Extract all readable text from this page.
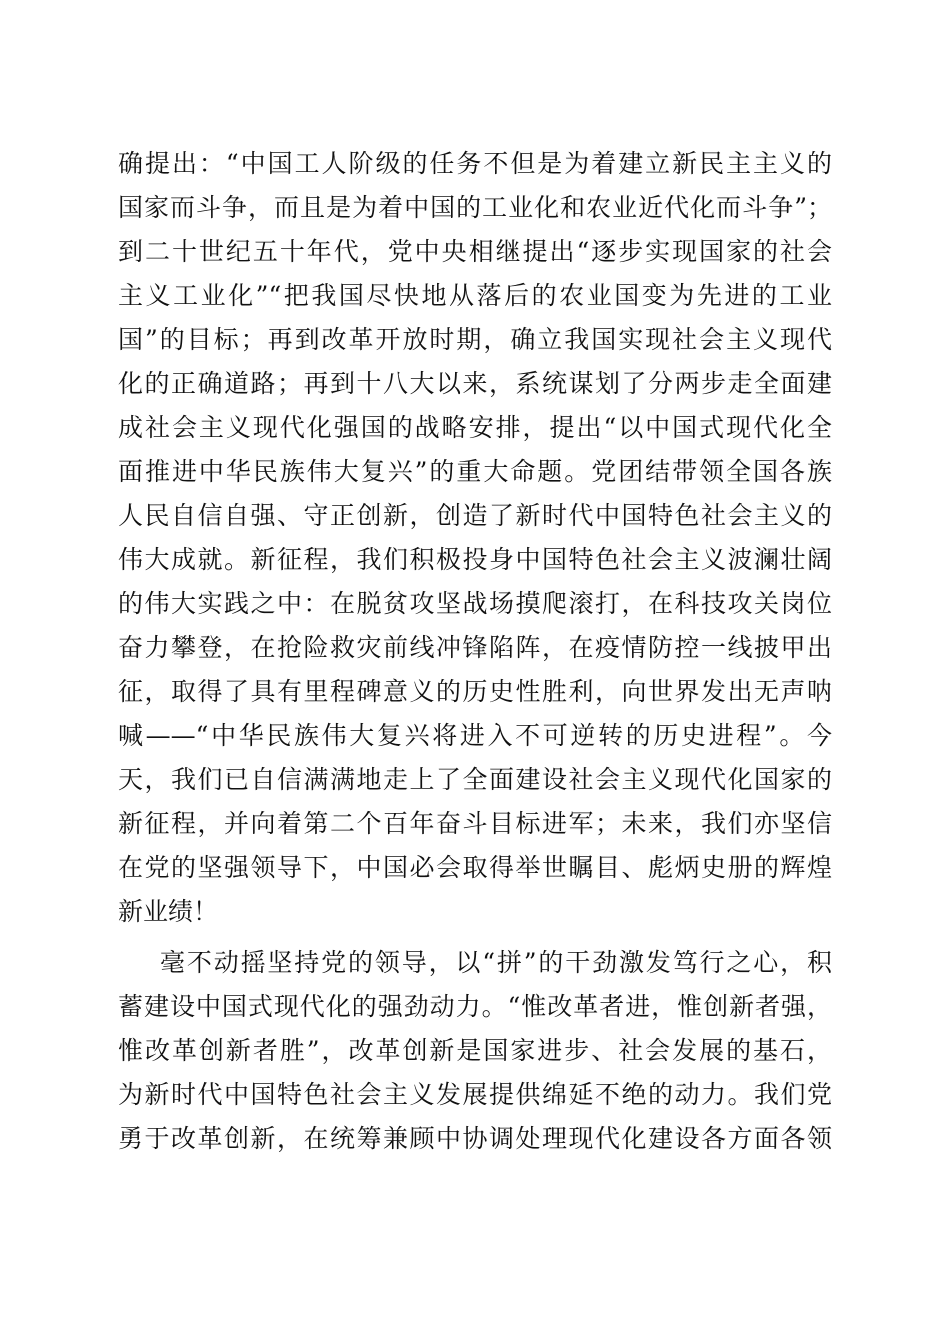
确提出：“中国工人阶级的任务不但是为着建立新民主主义的
国家而斗争，而且是为着中国的工业化和农业近代化而斗争”；
到二十世纪五十年代，党中央相继提出“逐步实现国家的社会
主义工业化”“把我国尽快地从落后的农业国变为先进的工业
国”的目标；再到改革开放时期，确立我国实现社会主义现代
化的正确道路；再到十八大以来，系统谋划了分两步走全面建
成社会主义现代化强国的战略安排，提出“以中国式现代化全
面推进中华民族伟大复兴”的重大命题。党团结带领全国各族
人民自信自强、守正创新，创造了新时代中国特色社会主义的
伟大成就。新征程，我们积极投身中国特色社会主义波澜壮阔
的伟大实践之中：在脱贫攻坚战场摸爬滚打，在科技攻关岗位
奋力攀登，在抢险救灾前线冲锋陷阵，在疫情防控一线披甲出
征，取得了具有里程碑意义的历史性胜利，向世界发出无声呐
喊——“中华民族伟大复兴将进入不可逆转的历史进程”。今
天，我们已自信满满地走上了全面建设社会主义现代化国家的
新征程，并向着第二个百年奋斗目标进军；未来，我们亦坚信
在党的坚强领导下，中国必会取得举世瞩目、彪炳史册的辉煌
新业绩！
毫不动摇坚持党的领导，以“拼”的干劲激发笃行之心，积
蓄建设中国式现代化的强劲动力。“惟改革者进，惟创新者强，
惟改革创新者胜”，改革创新是国家进步、社会发展的基石，
为新时代中国特色社会主义发展提供绵延不绝的动力。我们党
勇于改革创新，在统筹兼顾中协调处理现代化建设各方面各领
